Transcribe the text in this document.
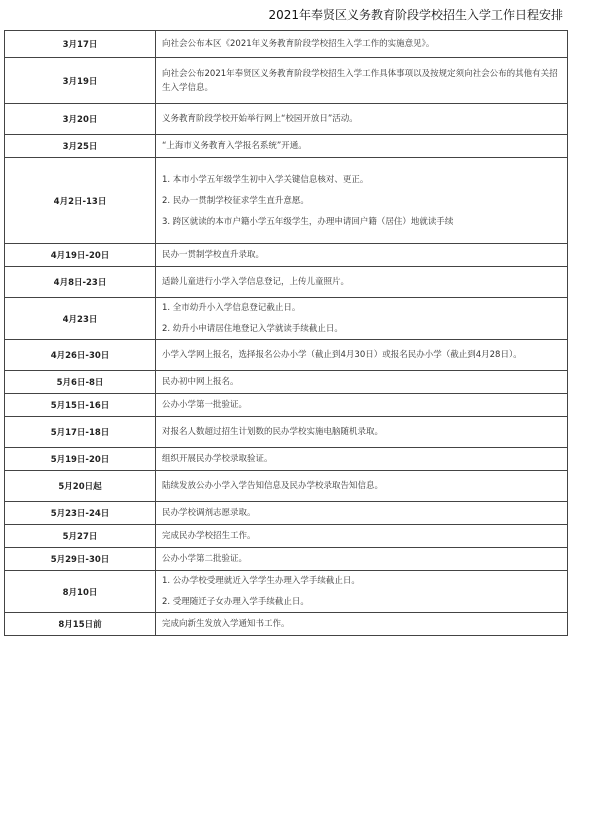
2021年奉贤区义务教育阶段学校招生入学工作日程安排
3月17日	向社会公布本区《2021年义务教育阶段学校招生入学工作的实施意见》。

3月19日	向社会公布2021年奉贤区义务教育阶段学校招生入学工作具体事项以及按规定须向社会公布的其他有关招生入学信息。

3月20日	义务教育阶段学校开始举行网上“校园开放日”活动。

3月25日	“上海市义务教育入学报名系统”开通。

4月2日-13日	1. 本市小学五年级学生初中入学关键信息核对、更正。

2. 民办一贯制学校征求学生直升意愿。

3. 跨区就读的本市户籍小学五年级学生，办理申请回户籍（居住）地就读手续

4月19日-20日	民办一贯制学校直升录取。

4月8日-23日	适龄儿童进行小学入学信息登记，上传儿童照片。

4月23日	1. 全市幼升小入学信息登记截止日。

2. 幼升小申请居住地登记入学就读手续截止日。

4月26日-30日	小学入学网上报名，选择报名公办小学（截止到4月30日）或报名民办小学（截止到4月28日）。

5月6日-8日	民办初中网上报名。

5月15日-16日	公办小学第一批验证。

5月17日-18日	对报名人数超过招生计划数的民办学校实施电脑随机录取。

5月19日-20日	组织开展民办学校录取验证。

5月20日起	陆续发放公办小学入学告知信息及民办学校录取告知信息。

5月23日-24日	民办学校调剂志愿录取。

5月27日	完成民办学校招生工作。

5月29日-30日	公办小学第二批验证。

8月10日	1. 公办学校受理就近入学学生办理入学手续截止日。

2. 受理随迁子女办理入学手续截止日。

8月15日前	完成向新生发放入学通知书工作。
